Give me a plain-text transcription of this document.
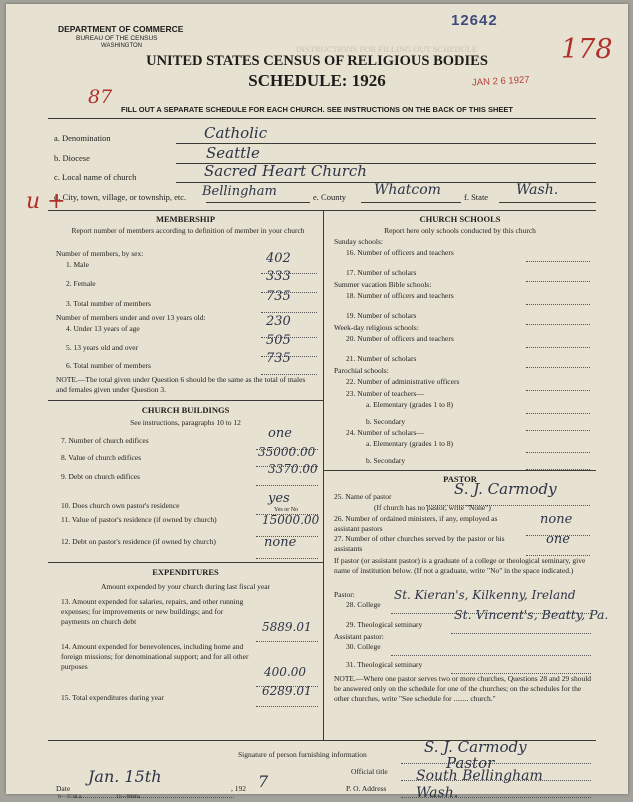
DEPARTMENT OF COMMERCE
BUREAU OF THE CENSUS
WASHINGTON
12642
INSTRUCTIONS FOR FILLING OUT SCHEDULE	178
UNITED STATES CENSUS OF RELIGIOUS BODIES
SCHEDULE: 1926
87
JAN 2 6 1927
FILL OUT A SEPARATE SCHEDULE FOR EACH CHURCH. SEE INSTRUCTIONS ON THE BACK OF THIS SHEET
a. Denomination	Catholic
b. Diocese	Seattle
c. Local name of church	Sacred Heart Church
d. City, town, village, or township, etc. Bellingham	e. County Whatcom	f. State Wash.
u +
MEMBERSHIP
Report number of members according to definition of member in your church
Number of members, by sex:
1. Male	402
2. Female	333
3. Total number of members	735
Number of members under and over 13 years old:
4. Under 13 years of age	230
5. 13 years old and over	505
6. Total number of members	735
NOTE.—The total given under Question 6 should be the same as the total of males and females given under Question 3.
CHURCH BUILDINGS
See instructions, paragraphs 10 to 12
7. Number of church edifices	one
8. Value of church edifices	35000.00
9. Debt on church edifices
3370.00
10. Does church own pastor's residence	yes
Yes or No
11. Value of pastor's residence (if owned by church)	15000.00
12. Debt on pastor's residence (if owned by church)	none
EXPENDITURES
Amount expended by your church during last fiscal year
13. Amount expended for salaries, repairs, and other running expenses; for improvements or new buildings; and for payments on church debt	5889.01
14. Amount expended for benevolences, including home and foreign missions; for denominational support; and for all other purposes	400.00
15. Total expenditures during year	6289.01
CHURCH SCHOOLS
Report here only schools conducted by this church
Sunday schools:
16. Number of officers and teachers
17. Number of scholars
Summer vacation Bible schools:
18. Number of officers and teachers
19. Number of scholars
Week-day religious schools:
20. Number of officers and teachers
21. Number of scholars
Parochial schools:
22. Number of administrative officers
23. Number of teachers—
a. Elementary (grades 1 to 8)
b. Secondary
24. Number of scholars—
a. Elementary (grades 1 to 8)
b. Secondary
PASTOR
25. Name of pastor	S. J. Carmody
(If church has no pastor, write "None")
26. Number of ordained ministers, if any, employed as assistant pastors
none
27. Number of other churches served by the pastor or his assistants
one
If pastor (or assistant pastor) is a graduate of a college or theological seminary, give name of institution below. (If not a graduate, write "No" in the space indicated.)
Pastor:
28. College
St. Kieran's, Kilkenny, Ireland
29. Theological seminary
St. Vincent's, Beatty, Pa.
Assistant pastor:
30. College
31. Theological seminary
NOTE.—Where one pastor serves two or more churches, Questions 28 and 29 should be answered only on the schedule for one of the churches; on the schedules for the other churches, write "See schedule for ........ church."
Signature of person furnishing information	S. J. Carmody
Official title	Pastor
Date
Jan. 15th
, 192 7	P. O. Address
South Bellingham Wash.
6—3518 a	11—9086a
